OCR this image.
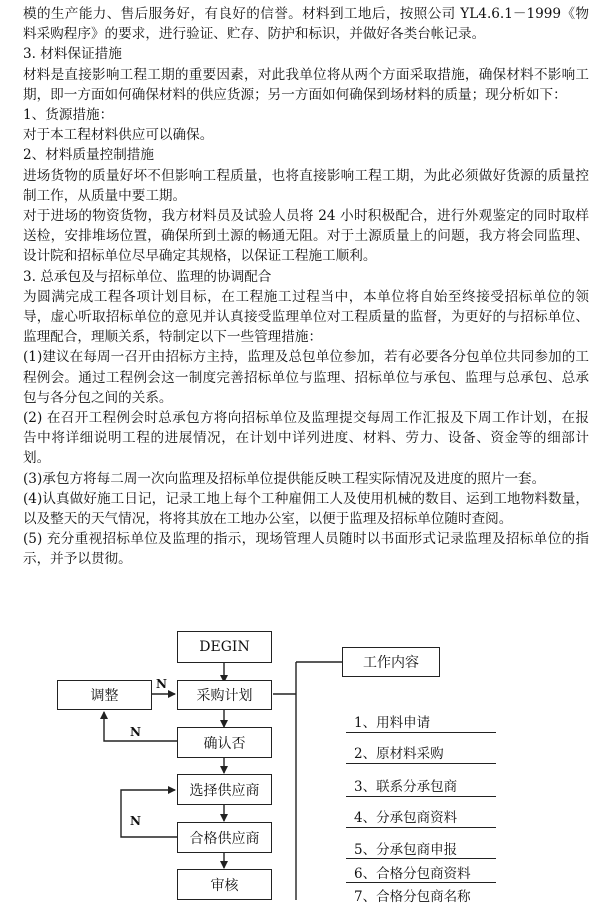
模的生产能力、售后服务好，有良好的信誉。材料到工地后，按照公司 YL4.6.1－1999《物料采购程序》的要求，进行验证、贮存、防护和标识，并做好各类台帐记录。

3. 材料保证措施

材料是直接影响工程工期的重要因素，对此我单位将从两个方面采取措施，确保材料不影响工期，即一方面如何确保材料的供应货源；另一方面如何确保到场材料的质量；现分析如下：

1、货源措施：

对于本工程材料供应可以确保。

2、材料质量控制措施

进场货物的质量好坏不但影响工程质量，也将直接影响工程工期，为此必须做好货源的质量控制工作，从质量中要工期。

对于进场的物资货物，我方材料员及试验人员将 24 小时积极配合，进行外观鉴定的同时取样送检，安排堆场位置，确保所到土源的畅通无阻。对于土源质量上的问题，我方将会同监理、设计院和招标单位尽早确定其规格，以保证工程施工顺利。

3. 总承包及与招标单位、监理的协调配合

为圆满完成工程各项计划目标，在工程施工过程当中，本单位将自始至终接受招标单位的领导，虚心听取招标单位的意见并认真接受监理单位对工程质量的监督，为更好的与招标单位、监理配合，理顺关系，特制定以下一些管理措施：

(1)建议在每周一召开由招标方主持，监理及总包单位参加，若有必要各分包单位共同参加的工程例会。通过工程例会这一制度完善招标单位与监理、招标单位与承包、监理与总承包、总承包与各分包之间的关系。

(2) 在召开工程例会时总承包方将向招标单位及监理提交每周工作汇报及下周工作计划，在报告中将详细说明工程的进展情况，在计划中详列进度、材料、劳力、设备、资金等的细部计划。

(3)承包方将每二周一次向监理及招标单位提供能反映工程实际情况及进度的照片一套。

(4)认真做好施工日记，记录工地上每个工种雇佣工人及使用机械的数目、运到工地物料数量，以及整天的天气情况，将将其放在工地办公室，以便于监理及招标单位随时查阅。

(5) 充分重视招标单位及监理的指示，现场管理人员随时以书面形式记录监理及招标单位的指示，并予以贯彻。

DEGIN
采购计划
调整
确认否
选择供应商
合格供应商
审核
工作内容
N
N
N
1、用料申请
2、原材料采购
3、联系分承包商
4、分承包商资料
5、分承包商申报
6、合格分包商资料
7、合格分包商名称
